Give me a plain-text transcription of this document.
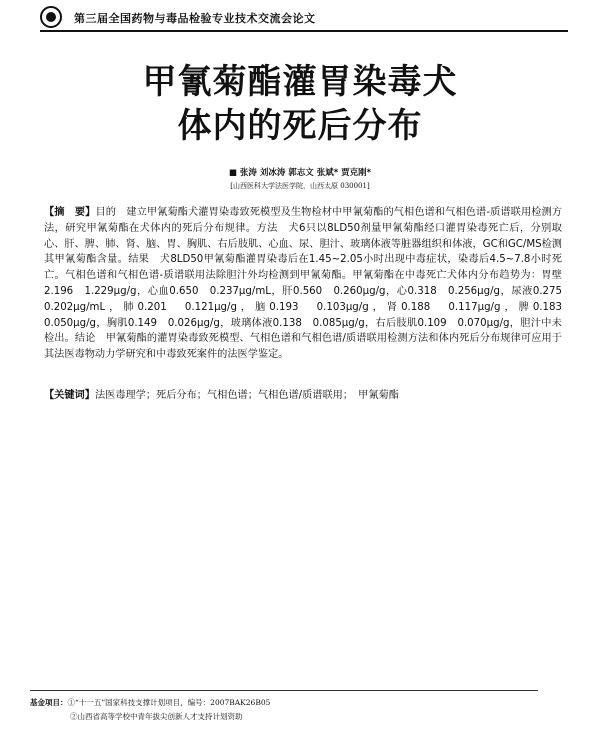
第三届全国药物与毒品检验专业技术交流会论文
甲氰菊酯灌胃染毒犬
体内的死后分布
■ 张涛 刘冰涛 郭志文 张斌* 贾克刚*
[山西医科大学法医学院，山西太原 030001]
【摘　要】目的　建立甲氰菊酯犬灌胃染毒致死模型及生物检材中甲氰菊酯的气相色谱和气相色谱-质谱联用检测方法，研究甲氰菊酯在犬体内的死后分布规律。方法　犬6只以8LD50剂量甲氰菊酯经口灌胃染毒死亡后，分别取心、肝、脾、肺、肾、脑、胃、胸肌、右后肢肌、心血、尿、胆汁、玻璃体液等脏器组织和体液，GC和GC/MS检测其甲氰菊酯含量。结果　犬8LD50甲氰菊酯灌胃染毒后在1.45~2.05小时出现中毒症状，染毒后4.5~7.8小时死亡。气相色谱和气相色谱-质谱联用法除胆汁外均检测到甲氰菊酯。甲氰菊酯在中毒死亡犬体内分布趋势为：胃壁2.196　1.229μg/g，心血0.650　0.237μg/mL，肝0.560　0.260μg/g，心0.318　0.256μg/g，尿液0.275　0.202μg/mL，肺0.201　0.121μg/g，脑0.193　0.103μg/g，肾0.188　0.117μg/g，脾0.183　0.050μg/g，胸肌0.149　0.026μg/g，玻璃体液0.138　0.085μg/g，右后肢肌0.109　0.070μg/g，胆汁中未检出。结论　甲氰菊酯的灌胃染毒致死模型、气相色谱和气相色谱/质谱联用检测方法和体内死后分布规律可应用于其法医毒物动力学研究和中毒致死案件的法医学鉴定。
【关键词】法医毒理学；死后分布；气相色谱；气相色谱/质谱联用；　甲氰菊酯
基金项目：①“十一五”国家科技支撑计划项目，编号：2007BAK26B05
②山西省高等学校中青年拔尖创新人才支持计划资助
